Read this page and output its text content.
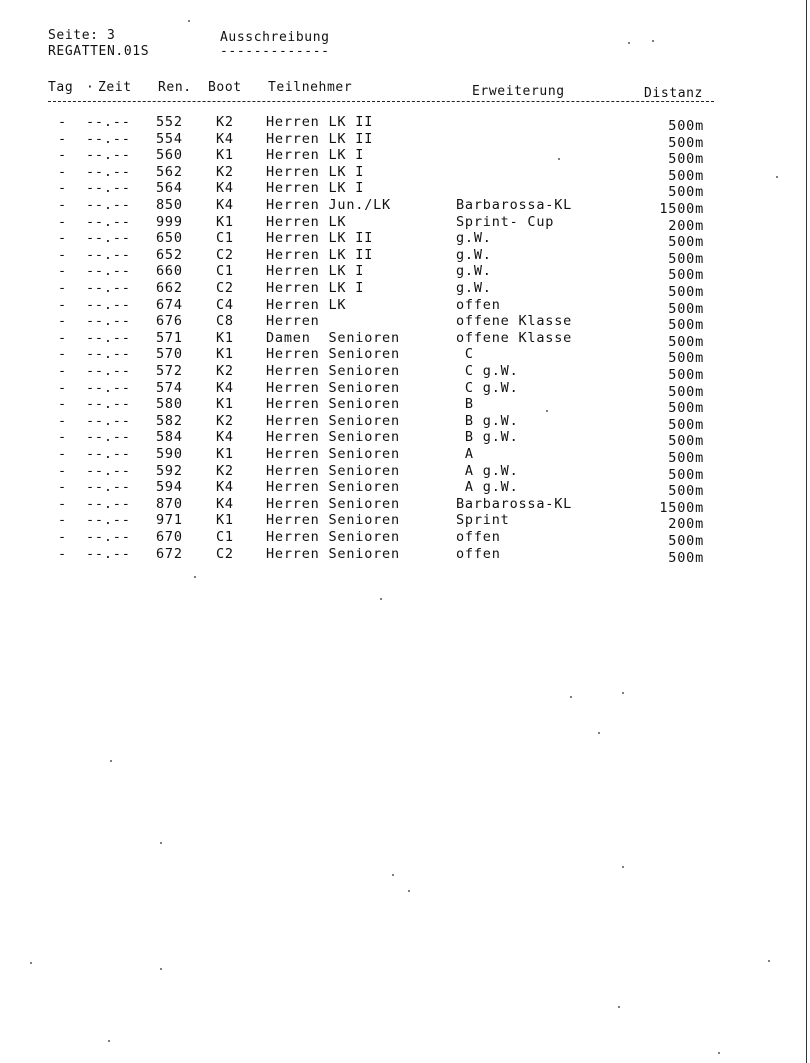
Seite: 3
REGATTEN.01S
Ausschreibung
-------------
Tag · Zeit Ren. Boot Teilnehmer	Erweiterung	Distanz
- --.-- 552 K2 Herren LK II	500m
- --.-- 554 K4 Herren LK II	500m
- --.-- 560 K1 Herren LK I	500m
- --.-- 562 K2 Herren LK I	500m
- --.-- 564 K4 Herren LK I	500m
- --.-- 850 K4 Herren Jun./LK	Barbarossa-KL	1500m
- --.-- 999 K1 Herren LK	Sprint- Cup	200m
- --.-- 650 C1 Herren LK II	g.W.	500m
- --.-- 652 C2 Herren LK II	g.W.	500m
- --.-- 660 C1 Herren LK I	g.W.	500m
- --.-- 662 C2 Herren LK I	g.W.	500m
- --.-- 674 C4 Herren LK	offen	500m
- --.-- 676 C8 Herren	offene Klasse	500m
- --.-- 571 K1 Damen  Senioren	offene Klasse	500m
- --.-- 570 K1 Herren Senioren	C	500m
- --.-- 572 K2 Herren Senioren	C g.W.	500m
- --.-- 574 K4 Herren Senioren	C g.W.	500m
- --.-- 580 K1 Herren Senioren	B	500m
- --.-- 582 K2 Herren Senioren	B g.W.	500m
- --.-- 584 K4 Herren Senioren	B g.W.	500m
- --.-- 590 K1 Herren Senioren	A	500m
- --.-- 592 K2 Herren Senioren	A g.W.	500m
- --.-- 594 K4 Herren Senioren	A g.W.	500m
- --.-- 870 K4 Herren Senioren	Barbarossa-KL	1500m
- --.-- 971 K1 Herren Senioren	Sprint	200m
- --.-- 670 C1 Herren Senioren	offen	500m
- --.-- 672 C2 Herren Senioren	offen	500m
